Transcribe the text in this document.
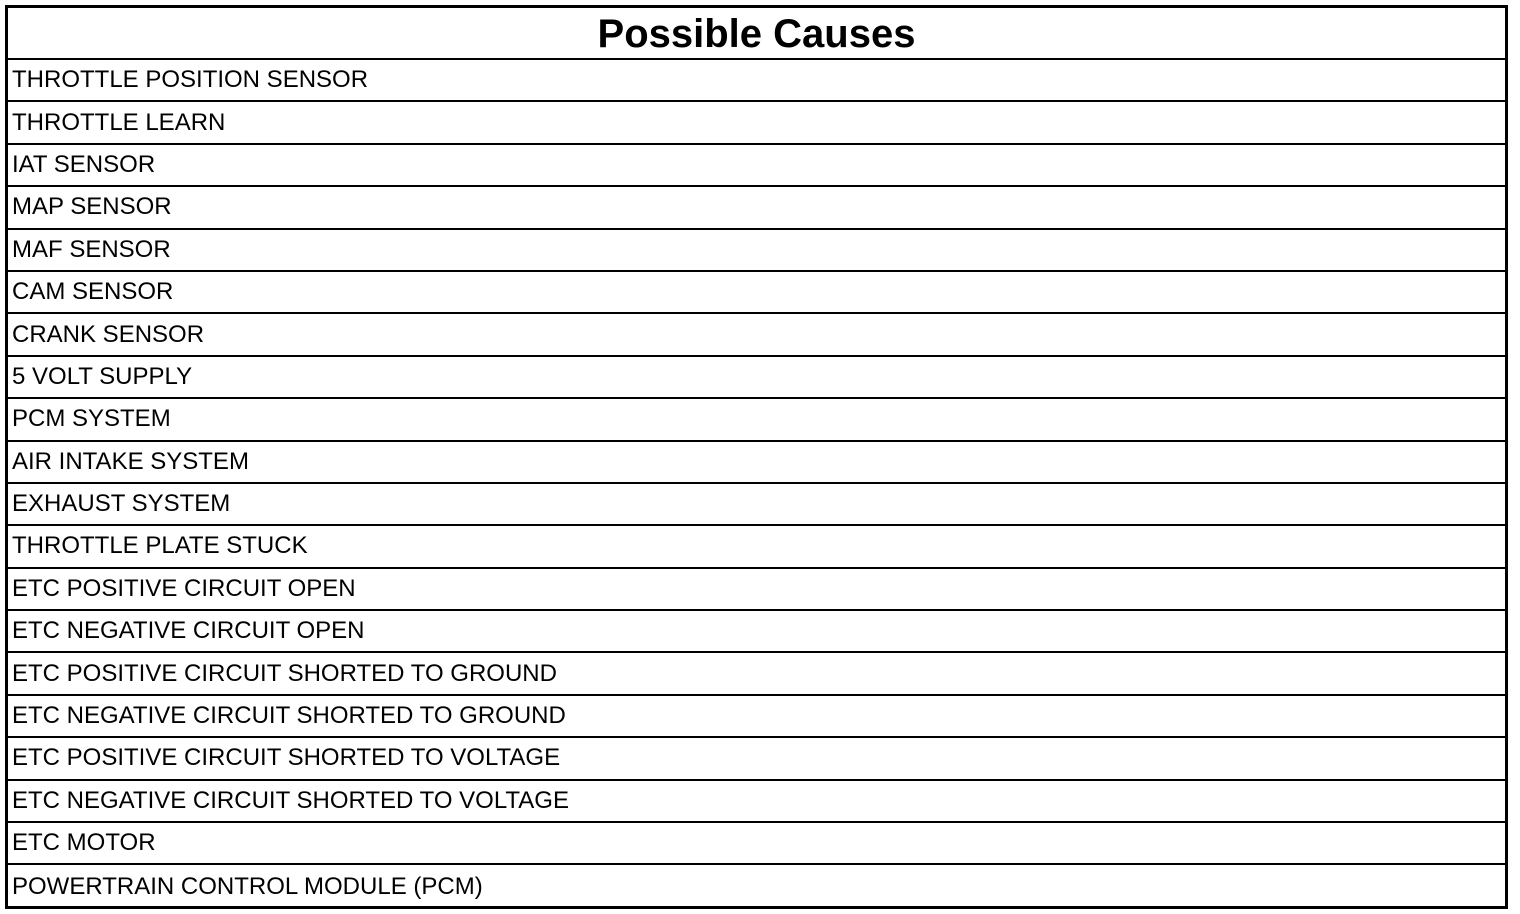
Possible Causes
THROTTLE POSITION SENSOR
THROTTLE LEARN
IAT SENSOR
MAP SENSOR
MAF SENSOR
CAM SENSOR
CRANK SENSOR
5 VOLT SUPPLY
PCM SYSTEM
AIR INTAKE SYSTEM
EXHAUST SYSTEM
THROTTLE PLATE STUCK
ETC POSITIVE CIRCUIT OPEN
ETC NEGATIVE CIRCUIT OPEN
ETC POSITIVE CIRCUIT SHORTED TO GROUND
ETC NEGATIVE CIRCUIT SHORTED TO GROUND
ETC POSITIVE CIRCUIT SHORTED TO VOLTAGE
ETC NEGATIVE CIRCUIT SHORTED TO VOLTAGE
ETC MOTOR
POWERTRAIN CONTROL MODULE (PCM)
